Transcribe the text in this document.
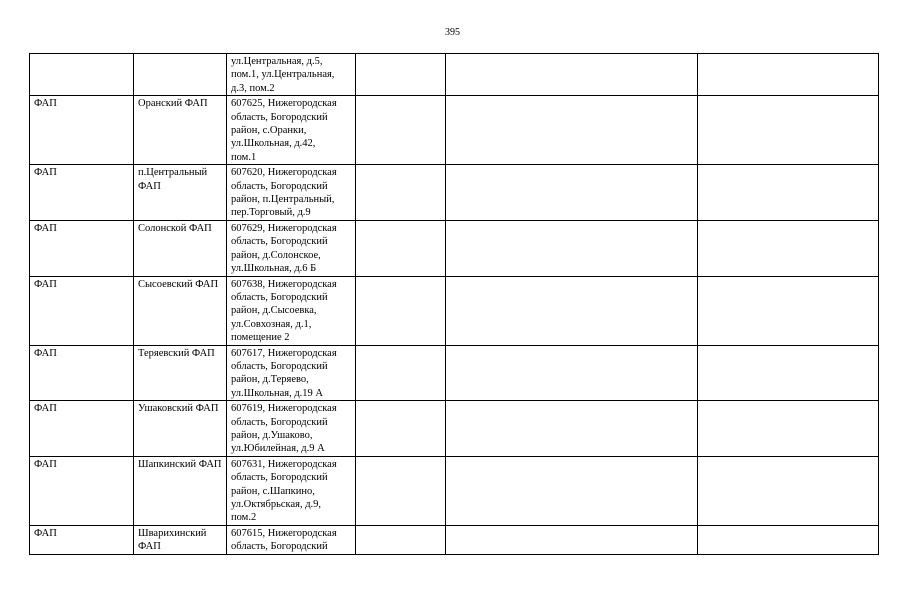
395

		ул.Центральная, д.5,
пом.1, ул.Центральная,
д.3, пом.2			

ФАП	Оранский ФАП	607625, Нижегородская
область, Богородский
район, с.Оранки,
ул.Школьная, д.42,
пом.1			

ФАП	п.Центральный ФАП	607620, Нижегородская
область, Богородский
район, п.Центральный,
пер.Торговый, д.9			

ФАП	Солонской ФАП	607629, Нижегородская
область, Богородский
район, д.Солонское,
ул.Школьная, д.6 Б			

ФАП	Сысоевский ФАП	607638, Нижегородская
область, Богородский
район, д.Сысоевка,
ул.Совхозная, д.1,
помещение 2			

ФАП	Теряевский ФАП	607617, Нижегородская
область, Богородский
район, д.Теряево,
ул.Школьная, д.19 А			

ФАП	Ушаковский ФАП	607619, Нижегородская
область, Богородский
район, д.Ушаково,
ул.Юбилейная, д.9 А			

ФАП	Шапкинский ФАП	607631, Нижегородская
область, Богородский
район, с.Шапкино,
ул.Октябрьская, д.9,
пом.2			

ФАП	Шварихинский ФАП	607615, Нижегородская
область, Богородский			
